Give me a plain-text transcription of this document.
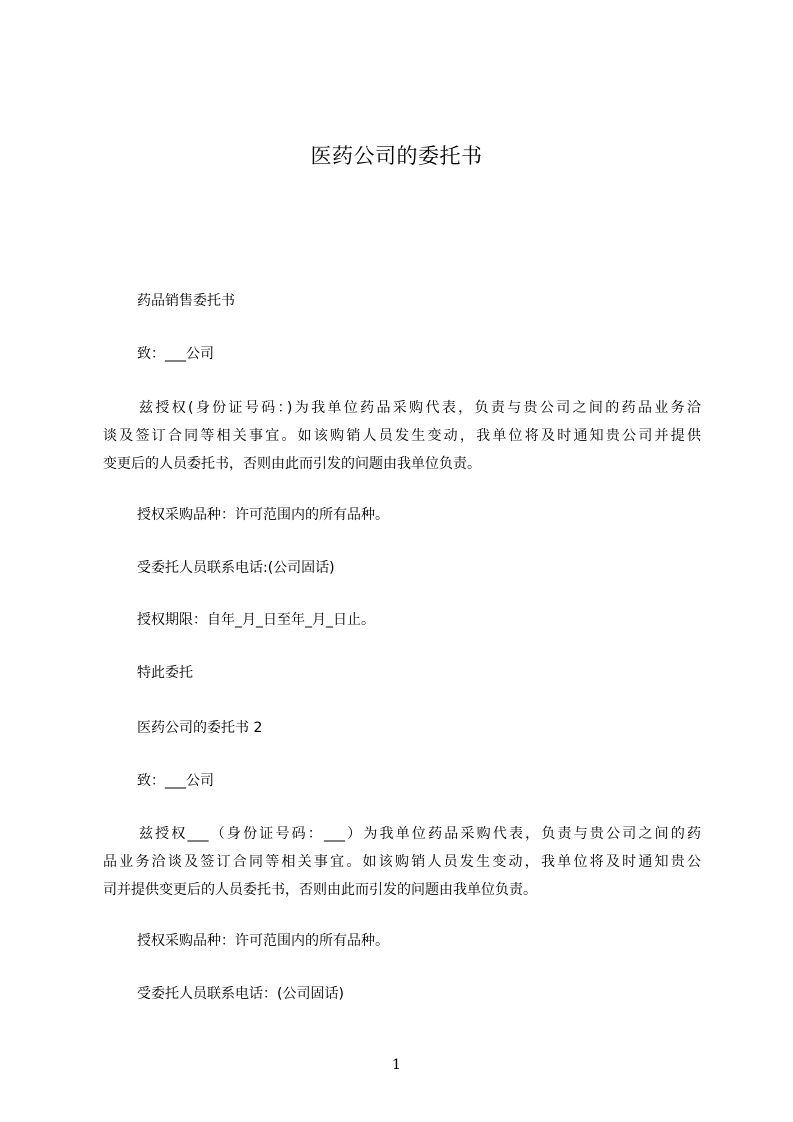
医药公司的委托书
药品销售委托书
致：___公司
兹授权(身份证号码：)为我单位药品采购代表，负责与贵公司之间的药品业务洽
谈及签订合同等相关事宜。如该购销人员发生变动，我单位将及时通知贵公司并提供
变更后的人员委托书，否则由此而引发的问题由我单位负责。
授权采购品种：许可范围内的所有品种。
受委托人员联系电话:(公司固话)
授权期限：自年_月_日至年_月_日止。
特此委托
医药公司的委托书 2
致：___公司
兹授权___（身份证号码：___）为我单位药品采购代表，负责与贵公司之间的药
品业务洽谈及签订合同等相关事宜。如该购销人员发生变动，我单位将及时通知贵公
司并提供变更后的人员委托书，否则由此而引发的问题由我单位负责。
授权采购品种：许可范围内的所有品种。
受委托人员联系电话：(公司固话)
1
